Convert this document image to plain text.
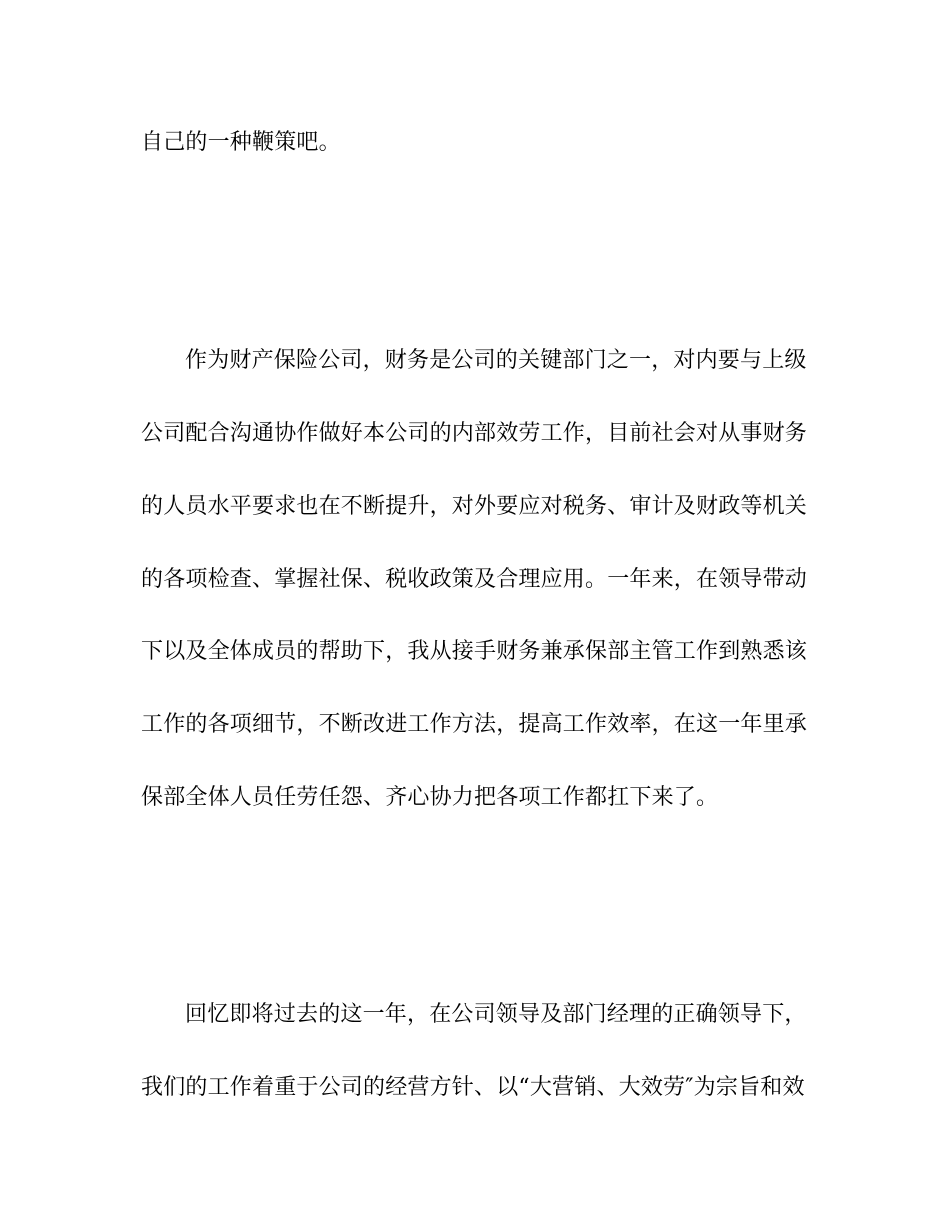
自己的一种鞭策吧。
作为财产保险公司，财务是公司的关键部门之一，对内要与上级
公司配合沟通协作做好本公司的内部效劳工作，目前社会对从事财务
的人员水平要求也在不断提升，对外要应对税务、审计及财政等机关
的各项检查、掌握社保、税收政策及合理应用。一年来，在领导带动
下以及全体成员的帮助下，我从接手财务兼承保部主管工作到熟悉该
工作的各项细节，不断改进工作方法，提高工作效率，在这一年里承
保部全体人员任劳任怨、齐心协力把各项工作都扛下来了。
回忆即将过去的这一年，在公司领导及部门经理的正确领导下，
我们的工作着重于公司的经营方针、以“大营销、大效劳″为宗旨和效
